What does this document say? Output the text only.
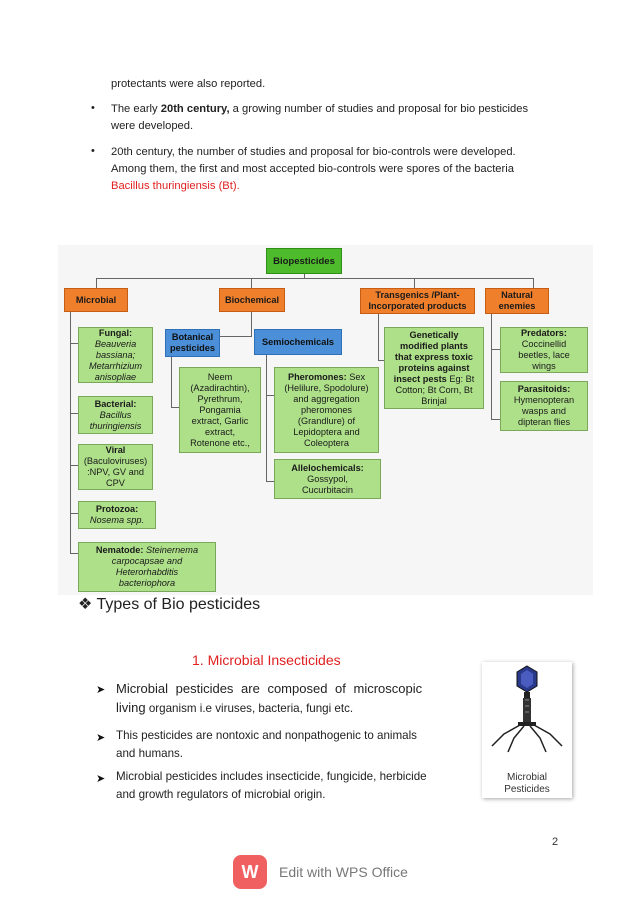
protectants were also reported.
• The early 20th century, a growing number of studies and proposal for bio pesticides
were developed.
• 20th century, the number of studies and proposal for bio-controls were developed.
Among them, the first and most accepted bio-controls were spores of the bacteria
Bacillus thuringiensis (Bt).
Biopesticides
Microbial	Biochemical	Transgenics /Plant-
Incorporated products
Natural
enemies
Fungal:
Beauveria
bassiana;
Metarrhizium
anisopliae
Bacterial:
Bacillus
thuringiensis
Viral
(Baculoviruses)
:NPV, GV and
CPV
Protozoa:
Nosema spp.
Nematode: Steinernema
carpocapsae and
Heterorhabditis
bacteriophora
Botanical
pesticides
Semiochemicals
Neem
(Azadirachtin),
Pyrethrum,
Pongamia
extract, Garlic
extract,
Rotenone etc.,
Pheromones: Sex
(Helilure, Spodolure)
and aggregation
pheromones
(Grandlure) of
Lepidoptera and
Coleoptera
Allelochemicals:
Gossypol,
Cucurbitacin
Genetically
modified plants
that express toxic
proteins against
insect pests Eg: Bt
Cotton; Bt Corn, Bt
Brinjal
Predators:
Coccinellid
beetles, lace
wings
Parasitoids:
Hymenopteran
wasps and
dipteran flies
❖ Types of Bio pesticides
1. Microbial Insecticides
➤ Microbial pesticides are composed of microscopic
living organism i.e viruses, bacteria, fungi etc.
➤ This pesticides are nontoxic and nonpathogenic to animals
and humans.
➤ Microbial pesticides includes insecticide, fungicide, herbicide
and growth regulators of microbial origin.
Microbial
Pesticides
2
W	Edit with WPS Office
